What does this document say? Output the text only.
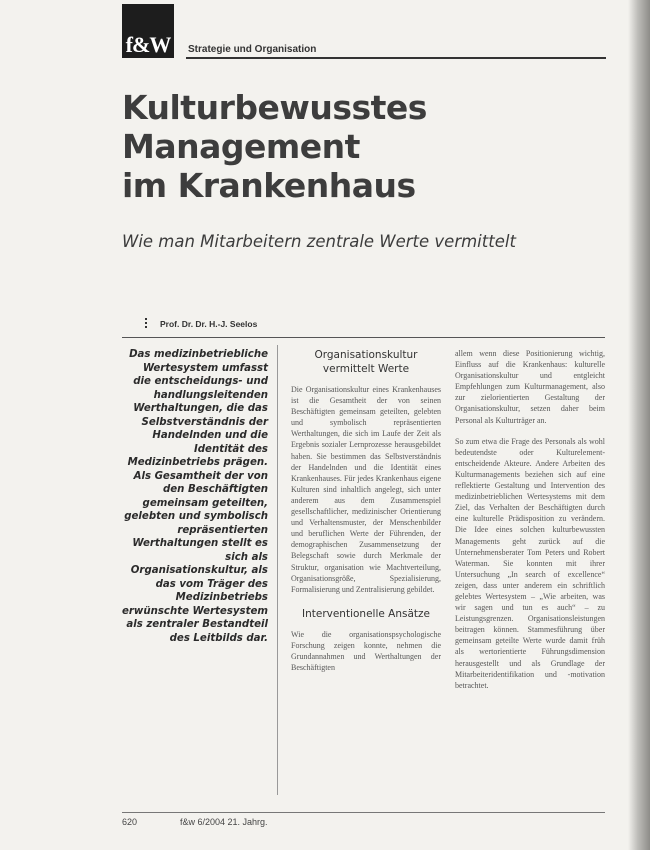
f&W	Strategie und Organisation
Kulturbewusstes
Management
im Krankenhaus
Wie man Mitarbeitern zentrale Werte vermittelt
Prof. Dr. Dr. H.-J. Seelos
Das medizinbetriebliche Wertesystem umfasst die entscheidungs- und handlungsleitenden Werthaltungen, die das Selbstverständnis der Handelnden und die Identität des Medizinbetriebs prägen. Als Gesamtheit der von den Beschäftigten gemeinsam geteilten, gelebten und symbolisch repräsentierten Werthaltungen stellt es sich als Organisationskultur, als das vom Träger des Medizinbetriebs erwünschte Wertesystem als zentraler Bestandteil des Leitbilds dar.
Organisationskultur vermittelt Werte

Die Organisationskultur eines Krankenhauses ist die Gesamtheit der von seinen Beschäftigten gemeinsam geteilten, gelebten und symbolisch repräsentierten Werthaltungen, die sich im Laufe der Zeit als Ergebnis sozialer Lernprozesse herausgebildet haben. Sie bestimmen das Selbstverständnis der Handelnden und die Identität eines Krankenhauses. Für jedes Krankenhaus eigene Kulturen sind inhaltlich angelegt, sich unter anderem aus dem Zusammenspiel gesellschaftlicher, medizinischer Orientierung und Verhaltensmuster, der Menschenbilder und beruflichen Werte der Führenden, der demographischen Zusammensetzung der Belegschaft sowie durch Merkmale der Struktur, organisation wie Machtverteilung, Organisationsgröße, Spezialisierung, Formalisierung und Zentralisierung gebildet.

Interventionelle Ansätze

Wie die organisationspsychologische Forschung zeigen konnte, nehmen die Grundannahmen und Werthaltungen der Beschäftigten

allem wenn diese Positionierung wichtig, Einfluss auf die Krankenhaus: kulturelle Organisationskultur und entgleicht Empfehlungen zum Kulturmanagement, also zur zielorientierten Gestaltung der Organisationskultur, setzen daher beim Personal als Kulturträger an.

So zum etwa die Frage des Personals als wohl bedeutendste oder Kulturelement-entscheidende Akteure. Andere Arbeiten des Kulturmanagements beziehen sich auf eine reflektierte Gestaltung und Intervention des medizinbetrieblichen Wertesystems mit dem Ziel, das Verhalten der Beschäftigten durch eine kulturelle Prädisposition zu verändern. Die Idee eines solchen kulturbewussten Managements geht zurück auf die Unternehmensberater Tom Peters und Robert Waterman. Sie konnten mit ihrer Untersuchung „In search of excellence“ zeigen, dass unter anderem ein schriftlich gelebtes Wertesystem – „Wie arbeiten, was wir sagen und tun es auch“ – zu Leistungsgrenzen. Organisationsleistungen beitragen können. Stammesführung über gemeinsam geteilte Werte wurde damit früh als wertorientierte Führungsdimension herausgestellt und als Grundlage der Mitarbeiteridentifikation und -motivation betrachtet.

620	f&w 6/2004 21. Jahrg.
